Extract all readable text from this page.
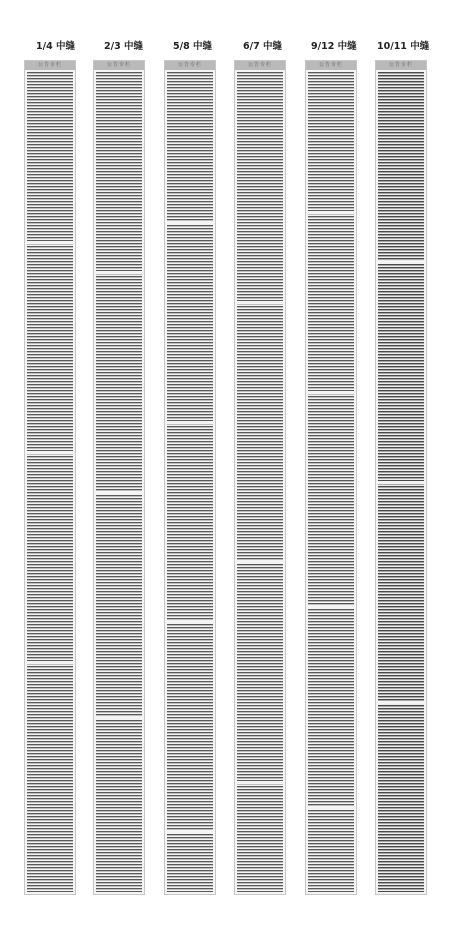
1/4 中缝
公告专栏
2/3 中缝
公告专栏
5/8 中缝
公告专栏
6/7 中缝
公告专栏
9/12 中缝
公告专栏
10/11 中缝
公告专栏
